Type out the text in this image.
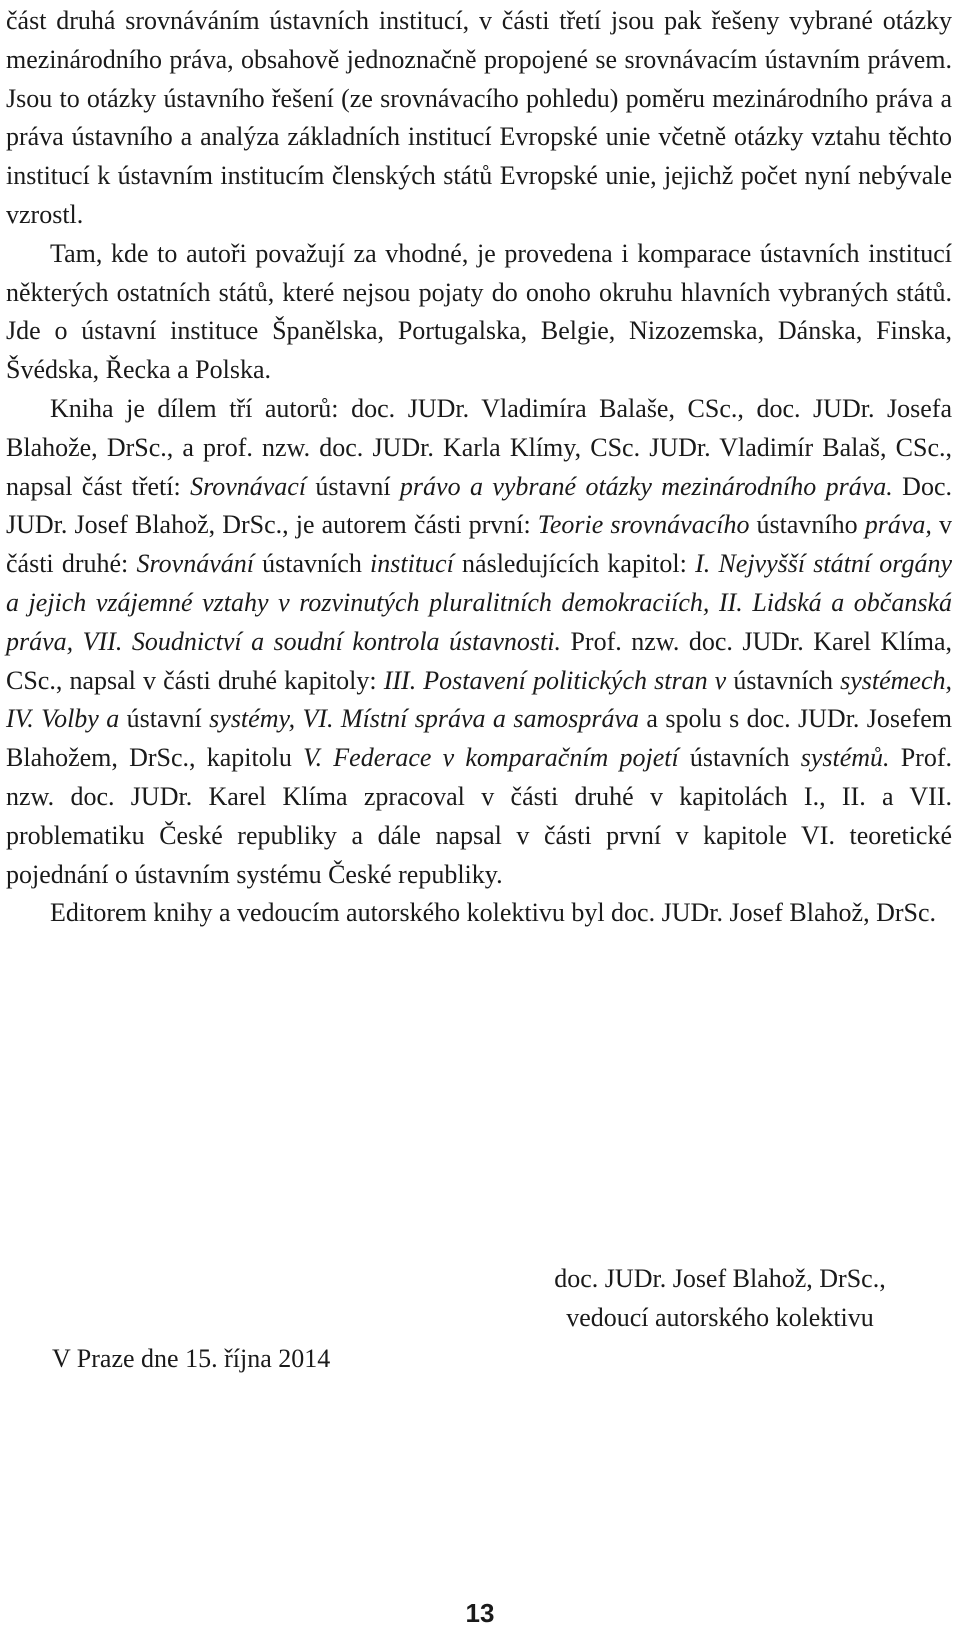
část druhá srovnáváním ústavních institucí, v části třetí jsou pak řešeny vybrané otázky mezinárodního práva, obsahově jednoznačně propojené se srovnávacím ústavním právem. Jsou to otázky ústavního řešení (ze srovnávacího pohledu) poměru mezinárodního práva a práva ústavního a analýza základních institucí Evropské unie včetně otázky vztahu těchto institucí k ústavním institucím členských států Evropské unie, jejichž počet nyní nebývale vzrostl.

Tam, kde to autoři považují za vhodné, je provedena i komparace ústavních institucí některých ostatních států, které nejsou pojaty do onoho okruhu hlavních vybraných států. Jde o ústavní instituce Španělska, Portugalska, Belgie, Nizozemska, Dánska, Finska, Švédska, Řecka a Polska.

Kniha je dílem tří autorů: doc. JUDr. Vladimíra Balaše, CSc., doc. JUDr. Josefa Blahože, DrSc., a prof. nzw. doc. JUDr. Karla Klímy, CSc. JUDr. Vladimír Balaš, CSc., napsal část třetí: Srovnávací ústavní právo a vybrané otázky mezinárodního práva. Doc. JUDr. Josef Blahož, DrSc., je autorem části první: Teorie srovnávacího ústavního práva, v části druhé: Srovnávání ústavních institucí následujících kapitol: I. Nejvyšší státní orgány a jejich vzájemné vztahy v rozvinutých pluralitních demokraciích, II. Lidská a občanská práva, VII. Soudnictví a soudní kontrola ústavnosti. Prof. nzw. doc. JUDr. Karel Klíma, CSc., napsal v části druhé kapitoly: III. Postavení politických stran v ústavních systémech, IV. Volby a ústavní systémy, VI. Místní správa a samospráva a spolu s doc. JUDr. Josefem Blahožem, DrSc., kapitolu V. Federace v komparačním pojetí ústavních systémů. Prof. nzw. doc. JUDr. Karel Klíma zpracoval v části druhé v kapitolách I., II. a VII. problematiku České republiky a dále napsal v části první v kapitole VI. teoretické pojednání o ústavním systému České republiky.

Editorem knihy a vedoucím autorského kolektivu byl doc. JUDr. Josef Blahož, DrSc.

doc. JUDr. Josef Blahož, DrSc.,
vedoucí autorského kolektivu
V Praze dne 15. října 2014
13
